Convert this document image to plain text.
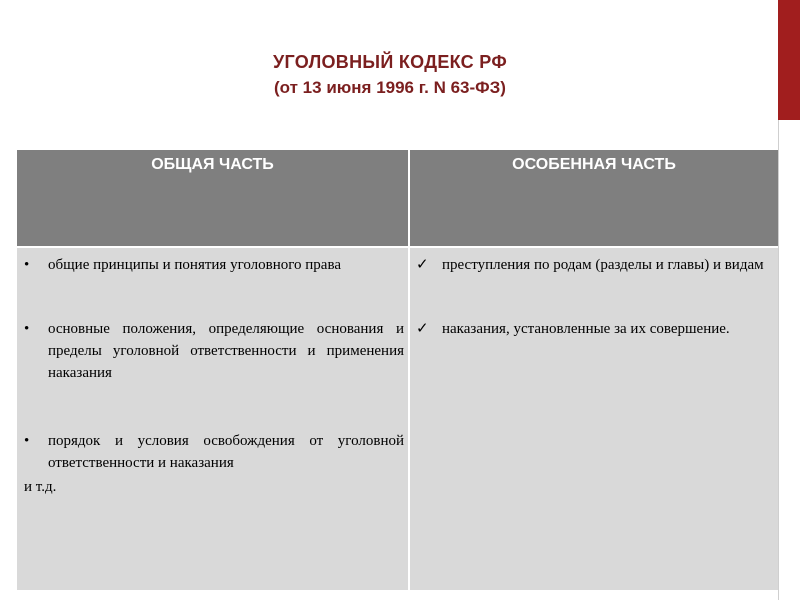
УГОЛОВНЫЙ КОДЕКС РФ
(от 13 июня 1996 г. N 63-ФЗ)
ОБЩАЯ ЧАСТЬ	ОСОБЕННАЯ ЧАСТЬ
• общие принципы и понятия уголовного права
• основные положения, определяющие основания и пределы уголовной ответственности и применения наказания
• порядок и условия освобождения от уголовной ответственности и наказания
и т.д.
✓ преступления по родам (разделы и главы) и видам
✓ наказания, установленные за их совершение.
